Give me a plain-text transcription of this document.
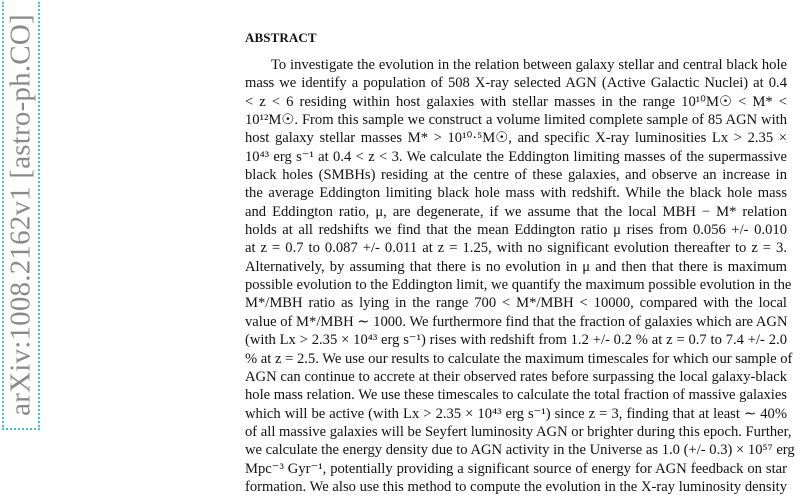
arXiv:1008.2162v1 [astro-ph.CO]	ABSTRACT
To investigate the evolution in the relation between galaxy stellar and central black hole
mass we identify a population of 508 X-ray selected AGN (Active Galactic Nuclei) at 0.4
< z < 6 residing within host galaxies with stellar masses in the range 10¹⁰M☉ < M* <
10¹²M☉. From this sample we construct a volume limited complete sample of 85 AGN with
host galaxy stellar masses M* > 10¹⁰·⁵M☉, and specific X-ray luminosities Lx > 2.35 ×
10⁴³ erg s⁻¹ at 0.4 < z < 3. We calculate the Eddington limiting masses of the supermassive
black holes (SMBHs) residing at the centre of these galaxies, and observe an increase in
the average Eddington limiting black hole mass with redshift. While the black hole mass
and Eddington ratio, μ, are degenerate, if we assume that the local MBH − M* relation
holds at all redshifts we find that the mean Eddington ratio μ rises from 0.056 +/- 0.010
at z = 0.7 to 0.087 +/- 0.011 at z = 1.25, with no significant evolution thereafter to z = 3.
Alternatively, by assuming that there is no evolution in μ and then that there is maximum
possible evolution to the Eddington limit, we quantify the maximum possible evolution in the
M*/MBH ratio as lying in the range 700 < M*/MBH < 10000, compared with the local
value of M*/MBH ∼ 1000. We furthermore find that the fraction of galaxies which are AGN
(with Lx > 2.35 × 10⁴³ erg s⁻¹) rises with redshift from 1.2 +/- 0.2 % at z = 0.7 to 7.4 +/- 2.0
% at z = 2.5. We use our results to calculate the maximum timescales for which our sample of
AGN can continue to accrete at their observed rates before surpassing the local galaxy-black
hole mass relation. We use these timescales to calculate the total fraction of massive galaxies
which will be active (with Lx > 2.35 × 10⁴³ erg s⁻¹) since z = 3, finding that at least ∼ 40%
of all massive galaxies will be Seyfert luminosity AGN or brighter during this epoch. Further,
we calculate the energy density due to AGN activity in the Universe as 1.0 (+/- 0.3) × 10⁵⁷ erg
Mpc⁻³ Gyr⁻¹, potentially providing a significant source of energy for AGN feedback on star
formation. We also use this method to compute the evolution in the X-ray luminosity density
